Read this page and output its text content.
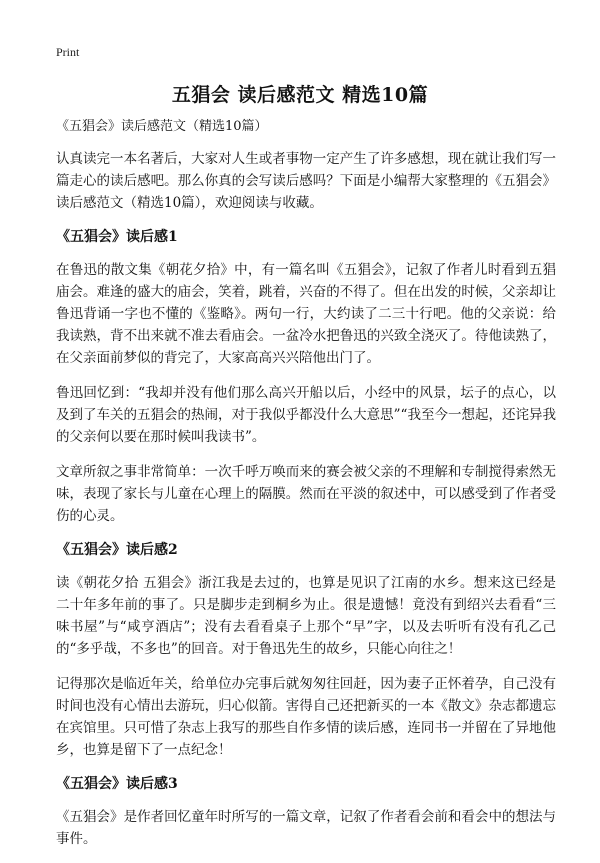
Print
五猖会 读后感范文 精选10篇

《五猖会》读后感范文（精选10篇）

认真读完一本名著后，大家对人生或者事物一定产生了许多感想，现在就让我们写一篇走心的读后感吧。那么你真的会写读后感吗？下面是小编帮大家整理的《五猖会》读后感范文（精选10篇），欢迎阅读与收藏。

《五猖会》读后感1

在鲁迅的散文集《朝花夕拾》中，有一篇名叫《五猖会》，记叙了作者儿时看到五猖庙会。难逢的盛大的庙会，笑着，跳着，兴奋的不得了。但在出发的时候，父亲却让鲁迅背诵一字也不懂的《鉴略》。两句一行，大约读了二三十行吧。他的父亲说：给我读熟，背不出来就不准去看庙会。一盆冷水把鲁迅的兴致全浇灭了。待他读熟了，在父亲面前梦似的背完了，大家高高兴兴陪他出门了。

鲁迅回忆到：“我却并没有他们那么高兴开船以后，小经中的风景，坛子的点心，以及到了车关的五猖会的热闹，对于我似乎都没什么大意思”“我至今一想起，还诧异我的父亲何以要在那时候叫我读书”。

文章所叙之事非常简单：一次千呼万唤而来的赛会被父亲的不理解和专制搅得索然无味，表现了家长与儿童在心理上的隔膜。然而在平淡的叙述中，可以感受到了作者受伤的心灵。

《五猖会》读后感2

读《朝花夕拾 五猖会》浙江我是去过的，也算是见识了江南的水乡。想来这已经是二十年多年前的事了。只是脚步走到桐乡为止。很是遗憾！竟没有到绍兴去看看“三味书屋”与“咸亨酒店”；没有去看看桌子上那个“早”字，以及去听听有没有孔乙己的“多乎哉，不多也”的回音。对于鲁迅先生的故乡，只能心向往之！

记得那次是临近年关，给单位办完事后就匆匆往回赶，因为妻子正怀着孕，自己没有时间也没有心情出去游玩，归心似箭。害得自己还把新买的一本《散文》杂志都遗忘在宾馆里。只可惜了杂志上我写的那些自作多情的读后感，连同书一并留在了异地他乡，也算是留下了一点纪念！

《五猖会》读后感3

《五猖会》是作者回忆童年时所写的一篇文章，记叙了作者看会前和看会中的想法与事件。
